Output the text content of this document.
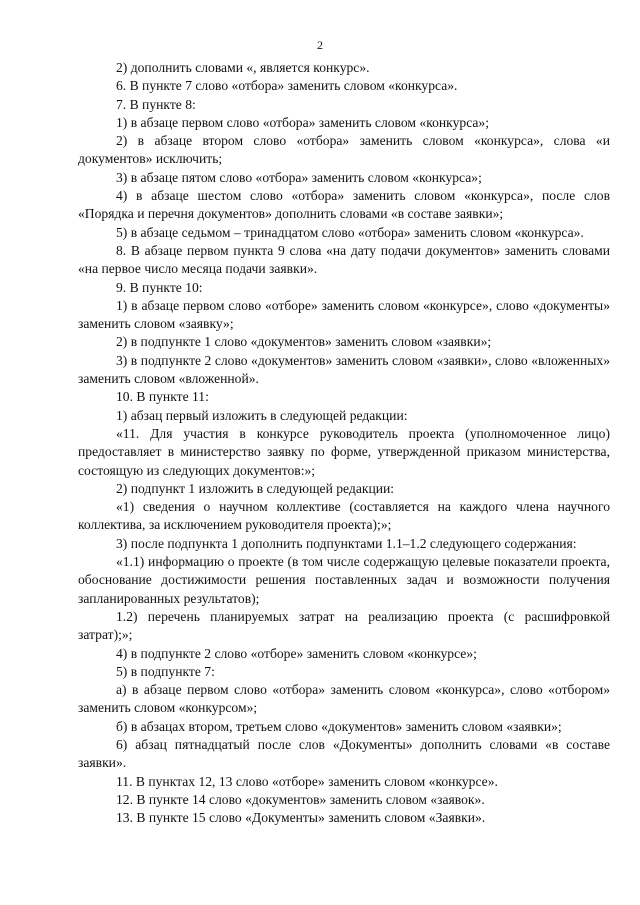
2

2) дополнить словами «, является конкурс».

6. В пункте 7 слово «отбора» заменить словом «конкурса».

7. В пункте 8:

1) в абзаце первом слово «отбора» заменить словом «конкурса»;

2) в абзаце втором слово «отбора» заменить словом «конкурса», слова «и документов» исключить;

3) в абзаце пятом слово «отбора» заменить словом «конкурса»;

4) в абзаце шестом слово «отбора» заменить словом «конкурса», после слов «Порядка и перечня документов» дополнить словами «в составе заявки»;

5) в абзаце седьмом – тринадцатом слово «отбора» заменить словом «конкурса».

8. В абзаце первом пункта 9 слова «на дату подачи документов» заменить словами «на первое число месяца подачи заявки».

9. В пункте 10:

1) в абзаце первом слово «отборе» заменить словом «конкурсе», слово «документы» заменить словом «заявку»;

2) в подпункте 1 слово «документов» заменить словом «заявки»;

3) в подпункте 2 слово «документов» заменить словом «заявки», слово «вложенных» заменить словом «вложенной».

10. В пункте 11:

1) абзац первый изложить в следующей редакции:

«11. Для участия в конкурсе руководитель проекта (уполномоченное лицо) предоставляет в министерство заявку по форме, утвержденной приказом министерства, состоящую из следующих документов:»;

2) подпункт 1 изложить в следующей редакции:

«1) сведения о научном коллективе (составляется на каждого члена научного коллектива, за исключением руководителя проекта);»;

3) после подпункта 1 дополнить подпунктами 1.1–1.2 следующего содержания:

«1.1) информацию о проекте (в том числе содержащую целевые показатели проекта, обоснование достижимости решения поставленных задач и возможности получения запланированных результатов);

1.2) перечень планируемых затрат на реализацию проекта (с расшифровкой затрат);»;

4) в подпункте 2 слово «отборе» заменить словом «конкурсе»;

5) в подпункте 7:

а) в абзаце первом слово «отбора» заменить словом «конкурса», слово «отбором» заменить словом «конкурсом»;

б) в абзацах втором, третьем слово «документов» заменить словом «заявки»;

6) абзац пятнадцатый после слов «Документы» дополнить словами «в составе заявки».

11. В пунктах 12, 13 слово «отборе» заменить словом «конкурсе».

12. В пункте 14 слово «документов» заменить словом «заявок».

13. В пункте 15 слово «Документы» заменить словом «Заявки».
